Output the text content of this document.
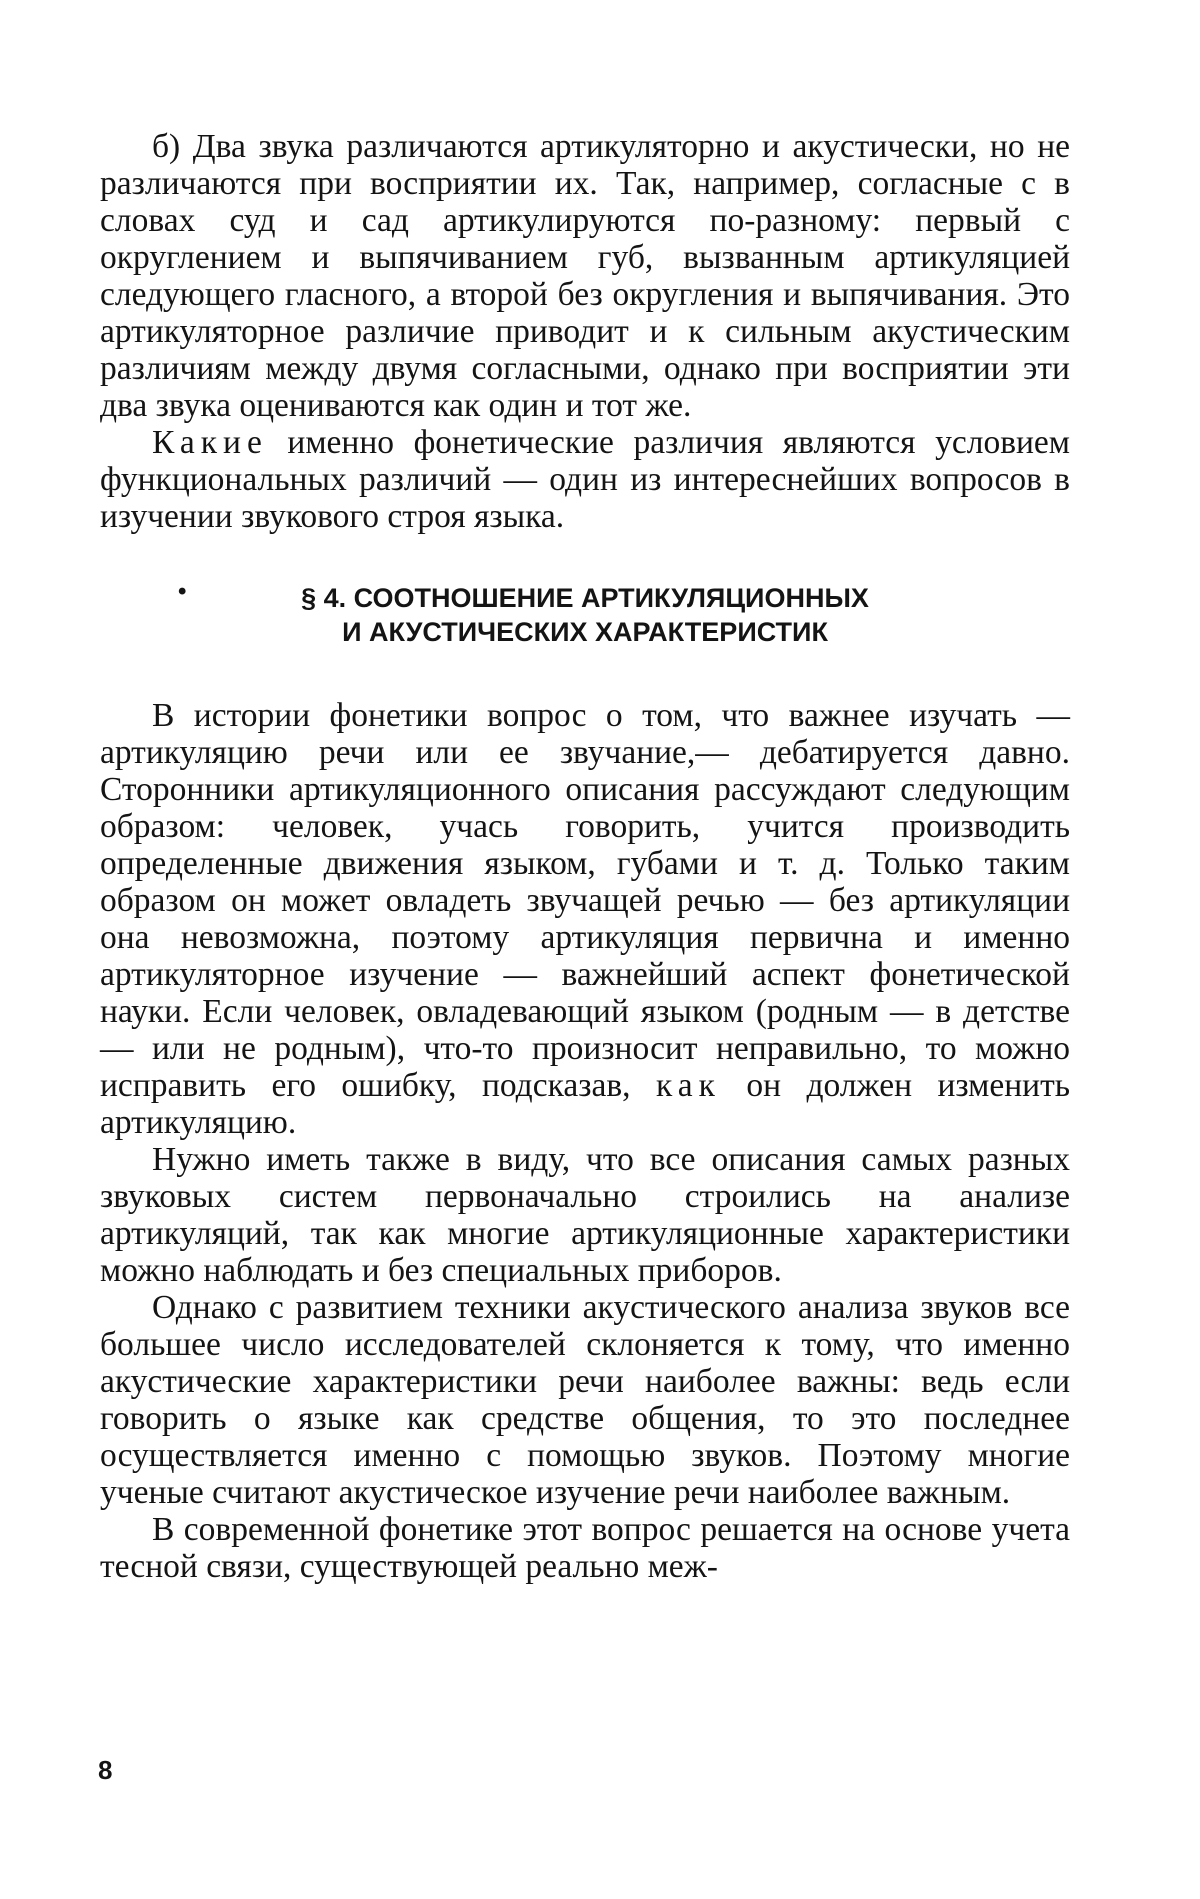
б) Два звука различаются артикуляторно и акустически, но не различаются при восприятии их. Так, например, согласные с в словах суд и сад артикулируются по-разному: первый с округлением и выпячиванием губ, вызванным артикуляцией следующего гласного, а второй без округления и выпячивания. Это артикуляторное различие приводит и к сильным акустическим различиям между двумя согласными, однако при восприятии эти два звука оцениваются как один и тот же.

Какие именно фонетические различия являются условием функциональных различий — один из интереснейших вопросов в изучении звукового строя языка.

•	§ 4. СООТНОШЕНИЕ АРТИКУЛЯЦИОННЫХ
И АКУСТИЧЕСКИХ ХАРАКТЕРИСТИК

В истории фонетики вопрос о том, что важнее изучать — артикуляцию речи или ее звучание,— дебатируется давно. Сторонники артикуляционного описания рассуждают следующим образом: человек, учась говорить, учится производить определенные движения языком, губами и т. д. Только таким образом он может овладеть звучащей речью — без артикуляции она невозможна, поэтому артикуляция первична и именно артикуляторное изучение — важнейший аспект фонетической науки. Если человек, овладевающий языком (родным — в детстве — или не родным), что-то произносит неправильно, то можно исправить его ошибку, подсказав, как он должен изменить артикуляцию.

Нужно иметь также в виду, что все описания самых разных звуковых систем первоначально строились на анализе артикуляций, так как многие артикуляционные характеристики можно наблюдать и без специальных приборов.

Однако с развитием техники акустического анализа звуков все большее число исследователей склоняется к тому, что именно акустические характеристики речи наиболее важны: ведь если говорить о языке как средстве общения, то это последнее осуществляется именно с помощью звуков. Поэтому многие ученые считают акустическое изучение речи наиболее важным.

В современной фонетике этот вопрос решается на основе учета тесной связи, существующей реально меж-

8
